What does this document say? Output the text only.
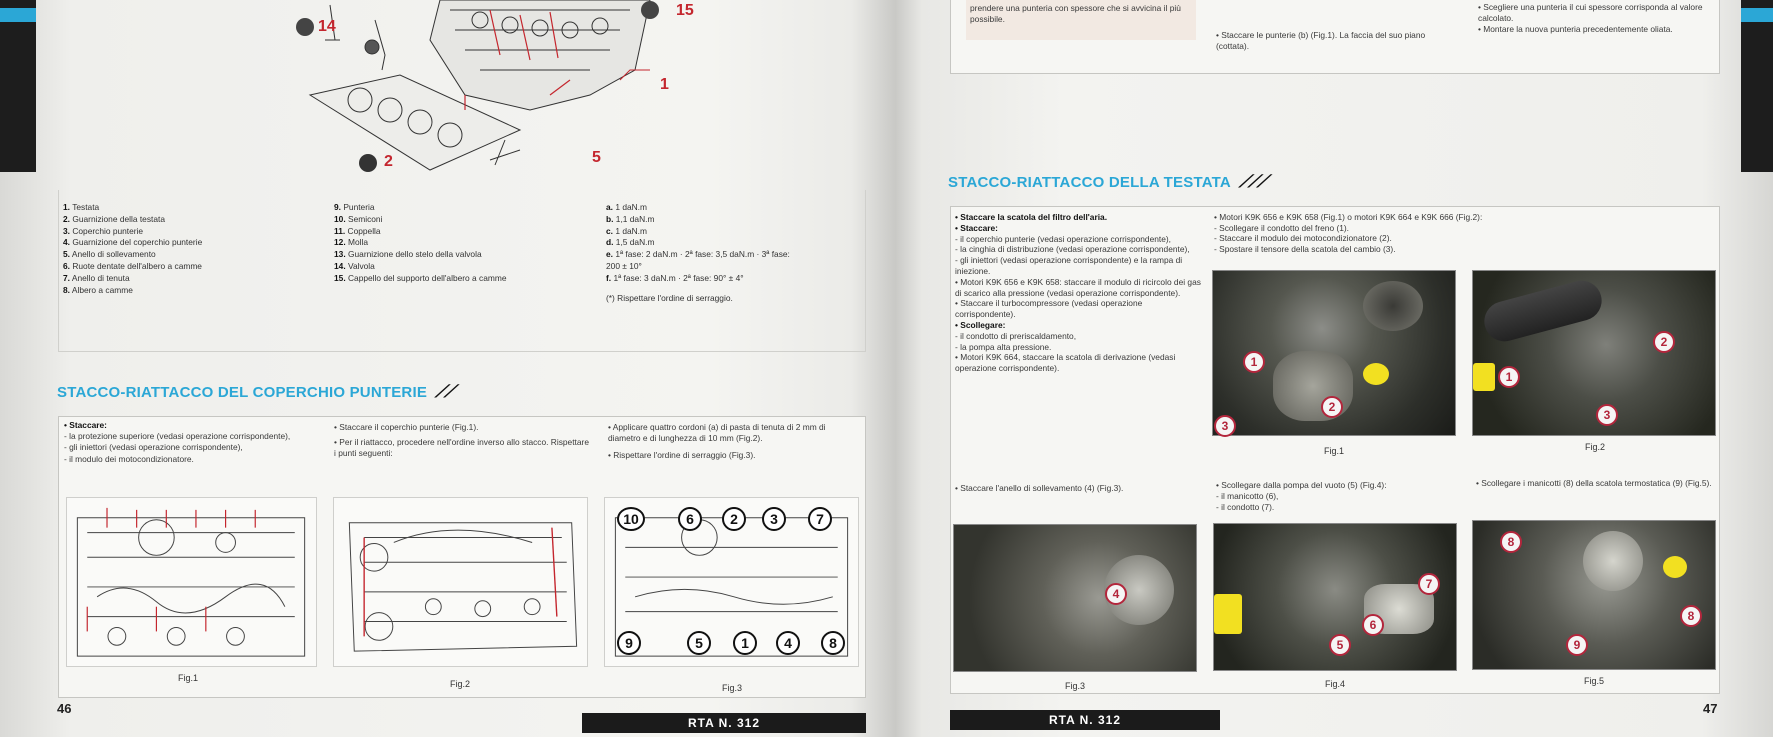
14
15
1
2	5
1. Testata
2. Guarnizione della testata
3. Coperchio punterie
4. Guarnizione del coperchio punterie
5. Anello di sollevamento
6. Ruote dentate dell'albero a camme
7. Anello di tenuta
8. Albero a camme
9. Punteria
10. Semiconi
11. Coppella
12. Molla
13. Guarnizione dello stelo della valvola
14. Valvola
15. Cappello del supporto dell'albero a camme
a. 1 daN.m
b. 1,1 daN.m
c. 1 daN.m
d. 1,5 daN.m
e. 1ª fase: 2 daN.m · 2ª fase: 3,5 daN.m · 3ª fase: 200 ± 10°
f. 1ª fase: 3 daN.m · 2ª fase: 90° ± 4°
(*) Rispettare l'ordine di serraggio.
STACCO-RIATTACCO DEL COPERCHIO PUNTERIE ⟋⟋
• Staccare:
- la protezione superiore (vedasi operazione corrispondente),
- gli iniettori (vedasi operazione corrispondente),
- il modulo dei motocondizionatore.
• Staccare il coperchio punterie (Fig.1).
• Per il riattacco, procedere nell'ordine inverso allo stacco. Rispettare i punti seguenti:
• Applicare quattro cordoni (a) di pasta di tenuta di 2 mm di diametro e di lunghezza di 10 mm (Fig.2).
• Rispettare l'ordine di serraggio (Fig.3).
10	6	2	3	7
9	5	1	4	8
Fig.1
Fig.2	Fig.3
46
RTA N. 312
prendere una punteria con spessore che si avvicina il più possibile.
• Staccare le punterie (b) (Fig.1). La faccia del suo piano (cottata).
• Scegliere una punteria il cui spessore corrisponda al valore calcolato.
• Montare la nuova punteria precedentemente oliata.
STACCO-RIATTACCO DELLA TESTATA ⟋⟋⟋
• Staccare la scatola del filtro dell'aria.
• Staccare:
- il coperchio punterie (vedasi operazione corrispondente),
- la cinghia di distribuzione (vedasi operazione corrispondente),
- gli iniettori (vedasi operazione corrispondente) e la rampa di iniezione.
• Motori K9K 656 e K9K 658: staccare il modulo di ricircolo dei gas di scarico alla pressione (vedasi operazione corrispondente).
• Staccare il turbocompressore (vedasi operazione corrispondente).
• Scollegare:
- il condotto di preriscaldamento,
- la pompa alta pressione.
• Motori K9K 664, staccare la scatola di derivazione (vedasi operazione corrispondente).
• Motori K9K 656 e K9K 658 (Fig.1) o motori K9K 664 e K9K 666 (Fig.2):
- Scollegare il condotto del freno (1).
- Staccare il modulo dei motocondizionatore (2).
- Spostare il tensore della scatola del cambio (3).
1
2
3
1
2
3
Fig.1	Fig.2
• Staccare l'anello di sollevamento (4) (Fig.3).	• Scollegare dalla pompa del vuoto (5) (Fig.4):
- il manicotto (6),
- il condotto (7).
• Scollegare i manicotti (8) della scatola termostatica (9) (Fig.5).
4
7
6
5
8
8
9
Fig.3	Fig.4	Fig.5
47
RTA N. 312
